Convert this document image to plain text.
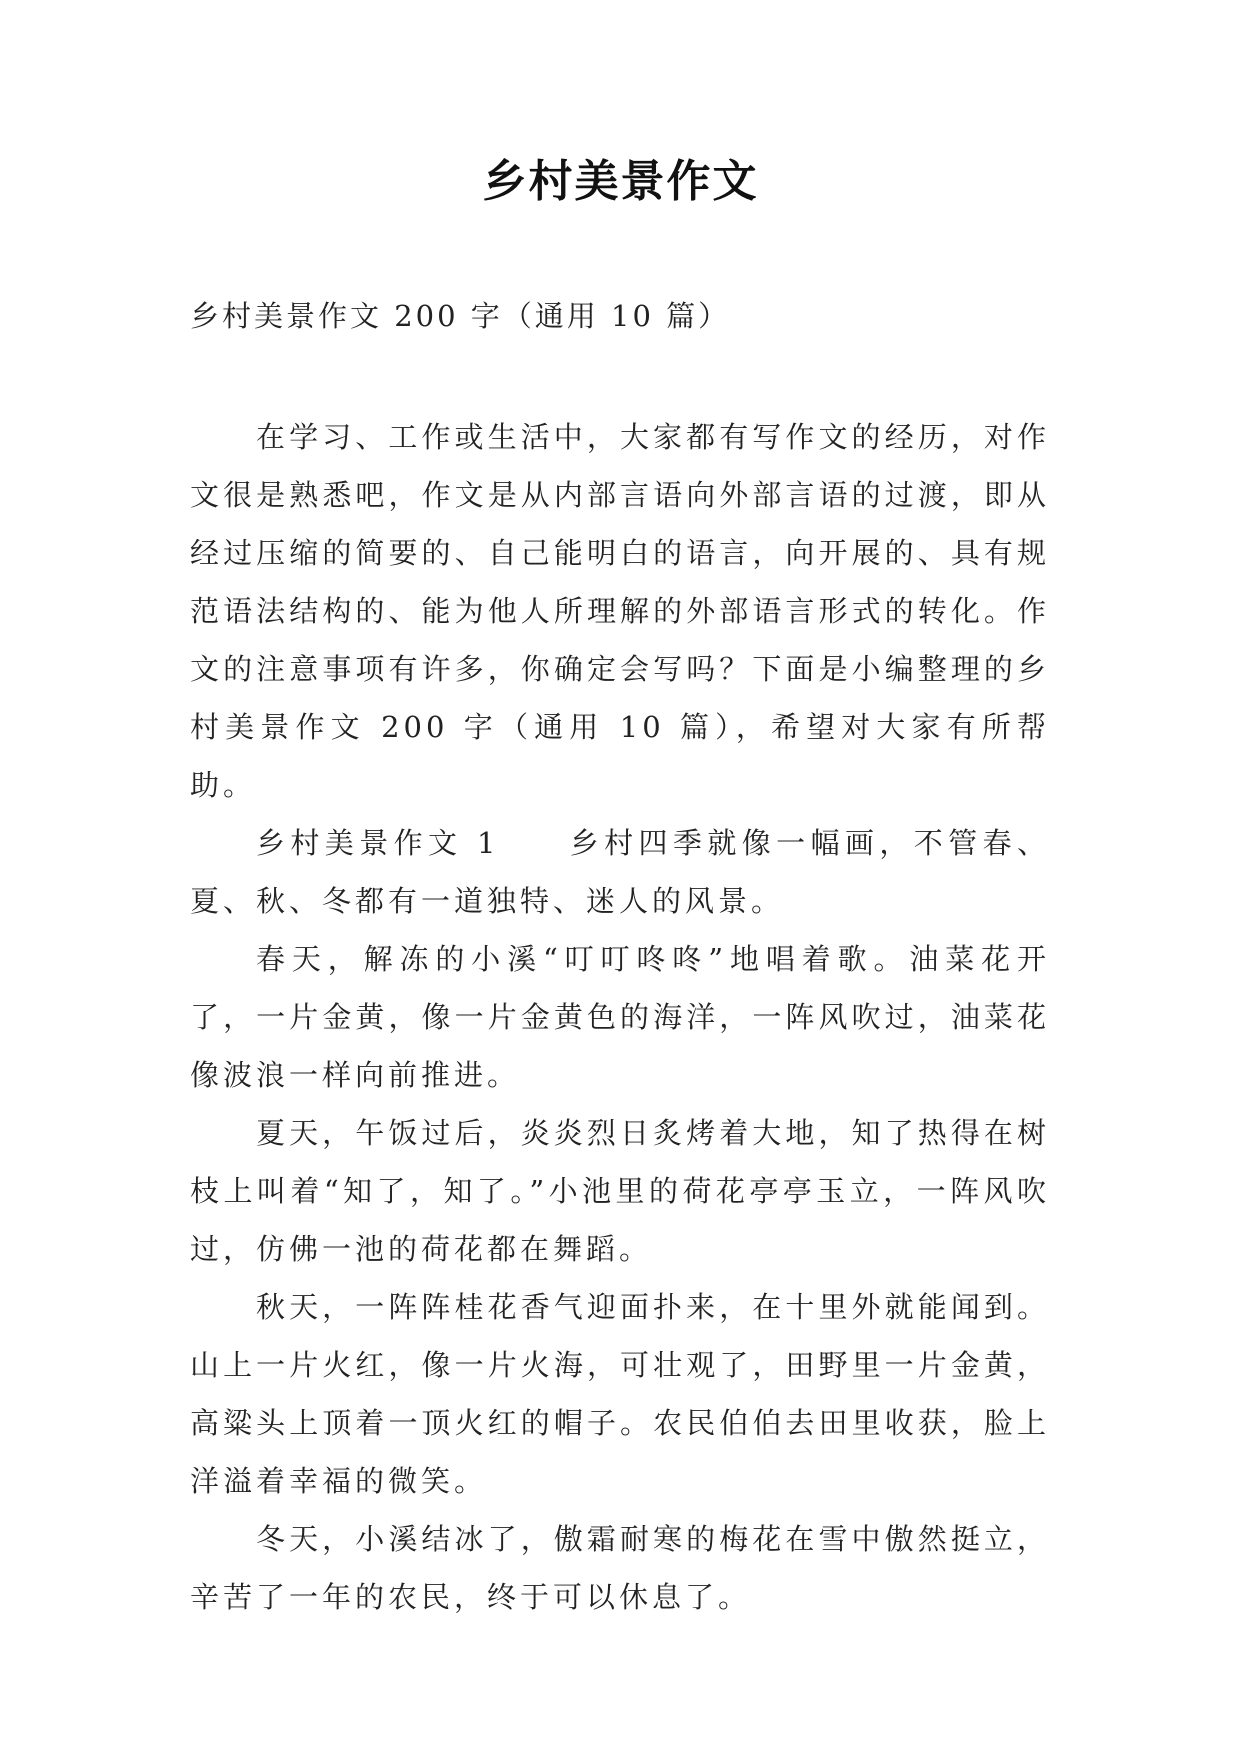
乡村美景作文
乡村美景作文 200 字（通用 10 篇）

在学习、工作或生活中，大家都有写作文的经历，对作文很是熟悉吧，作文是从内部言语向外部言语的过渡，即从经过压缩的简要的、自己能明白的语言，向开展的、具有规范语法结构的、能为他人所理解的外部语言形式的转化。作文的注意事项有许多，你确定会写吗？下面是小编整理的乡村美景作文 200 字（通用 10 篇），希望对大家有所帮助。

乡村美景作文 1　　乡村四季就像一幅画，不管春、夏、秋、冬都有一道独特、迷人的风景。

春天，解冻的小溪“叮叮咚咚”地唱着歌。油菜花开了，一片金黄，像一片金黄色的海洋，一阵风吹过，油菜花像波浪一样向前推进。

夏天，午饭过后，炎炎烈日炙烤着大地，知了热得在树枝上叫着“知了，知了。”小池里的荷花亭亭玉立，一阵风吹过，仿佛一池的荷花都在舞蹈。

秋天，一阵阵桂花香气迎面扑来，在十里外就能闻到。山上一片火红，像一片火海，可壮观了，田野里一片金黄，高粱头上顶着一顶火红的帽子。农民伯伯去田里收获，脸上洋溢着幸福的微笑。

冬天，小溪结冰了，傲霜耐寒的梅花在雪中傲然挺立，辛苦了一年的农民，终于可以休息了。
